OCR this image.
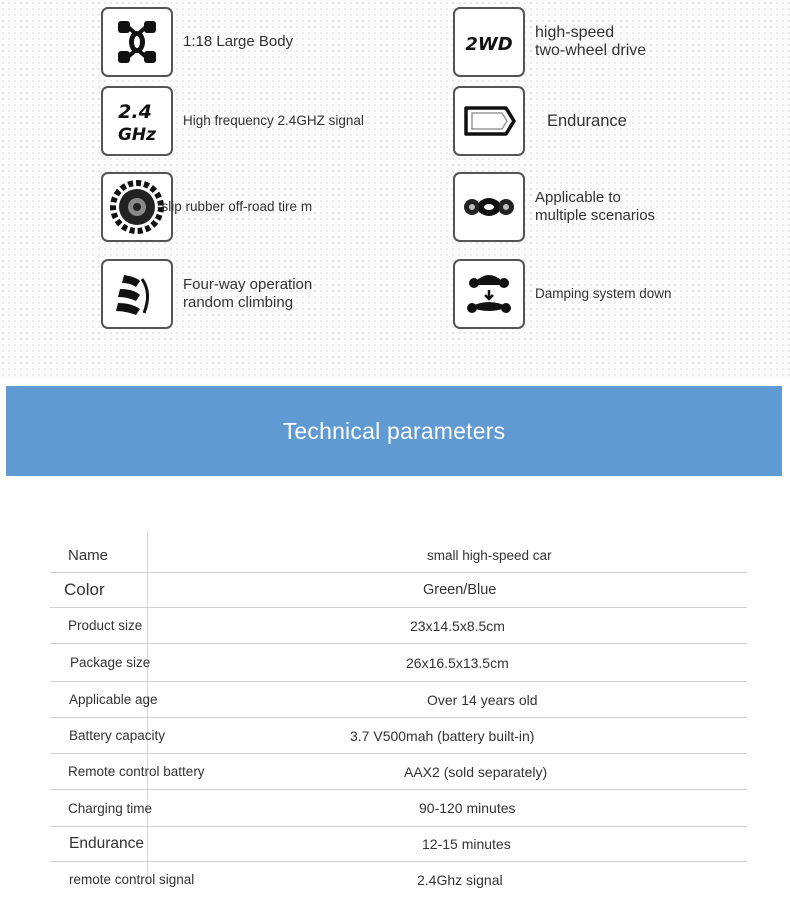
1:18 Large Body	2WD
high-speed
two-wheel drive
2.4
GHz
High frequency 2.4GHZ signal	Endurance
-slip rubber off-road tire m
Applicable to
multiple scenarios
Four-way operation
random climbing
Damping system down
Technical parameters
Name	small high-speed car
Color	Green/Blue
Product size	23x14.5x8.5cm
Package size	26x16.5x13.5cm
Applicable age	Over 14 years old
Battery capacity	3.7 V500mah (battery built-in)
Remote control battery	AAX2 (sold separately)
Charging time	90-120 minutes
Endurance	12-15 minutes
remote control signal	2.4Ghz signal
